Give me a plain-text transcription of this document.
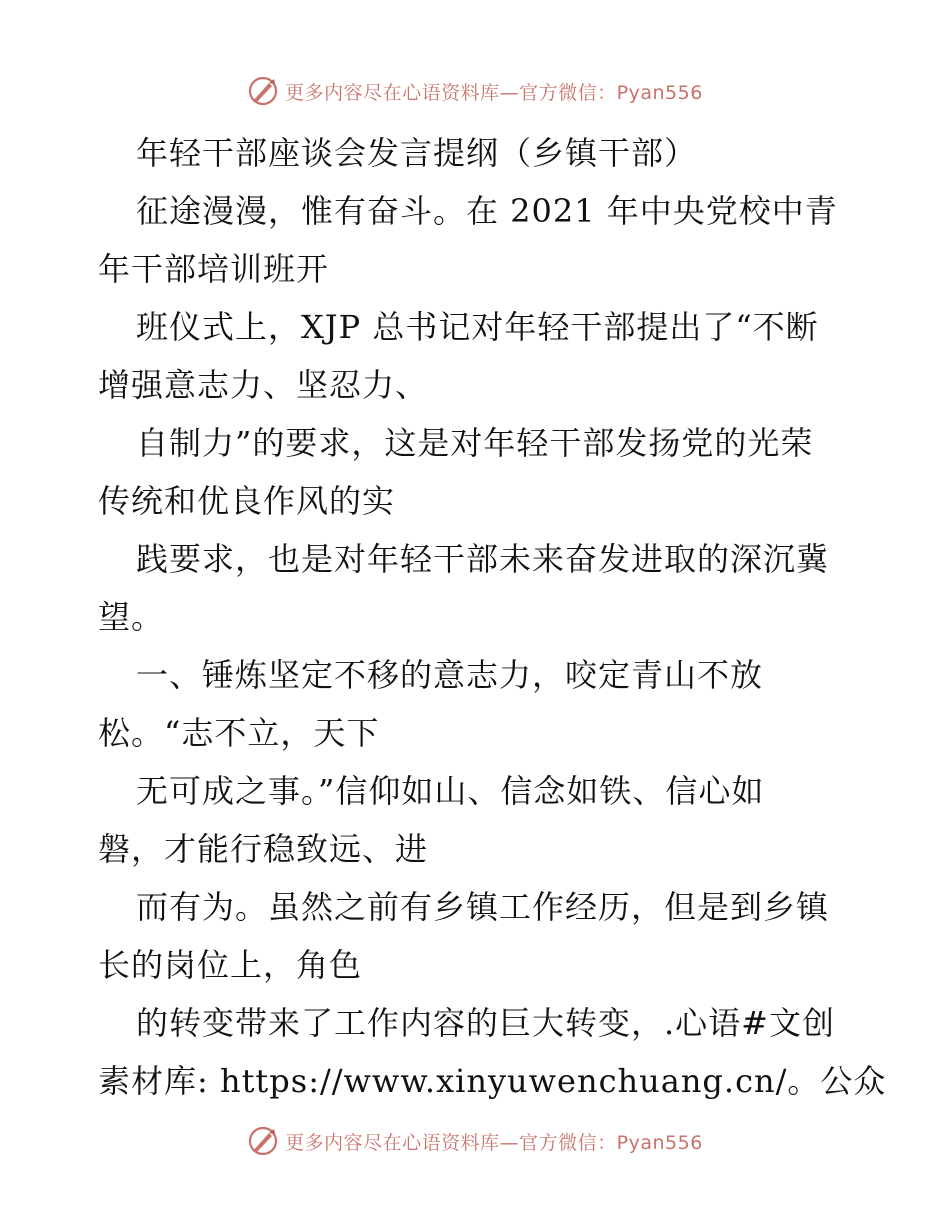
更多内容尽在心语资料库—官方微信：Pyan556
年轻干部座谈会发言提纲（乡镇干部）
征途漫漫，惟有奋斗。在 2021 年中央党校中青
年干部培训班开
班仪式上，XJP 总书记对年轻干部提出了“不断
增强意志力、坚忍力、
自制力”的要求，这是对年轻干部发扬党的光荣
传统和优良作风的实
践要求，也是对年轻干部未来奋发进取的深沉冀
望。
一、锤炼坚定不移的意志力，咬定青山不放
松。“志不立，天下
无可成之事。”信仰如山、信念如铁、信心如
磐，才能行稳致远、进
而有为。虽然之前有乡镇工作经历，但是到乡镇
长的岗位上，角色
的转变带来了工作内容的巨大转变，.心语#文创
素材库: https://www.xinyuwenchuang.cn/。公众
更多内容尽在心语资料库—官方微信：Pyan556
